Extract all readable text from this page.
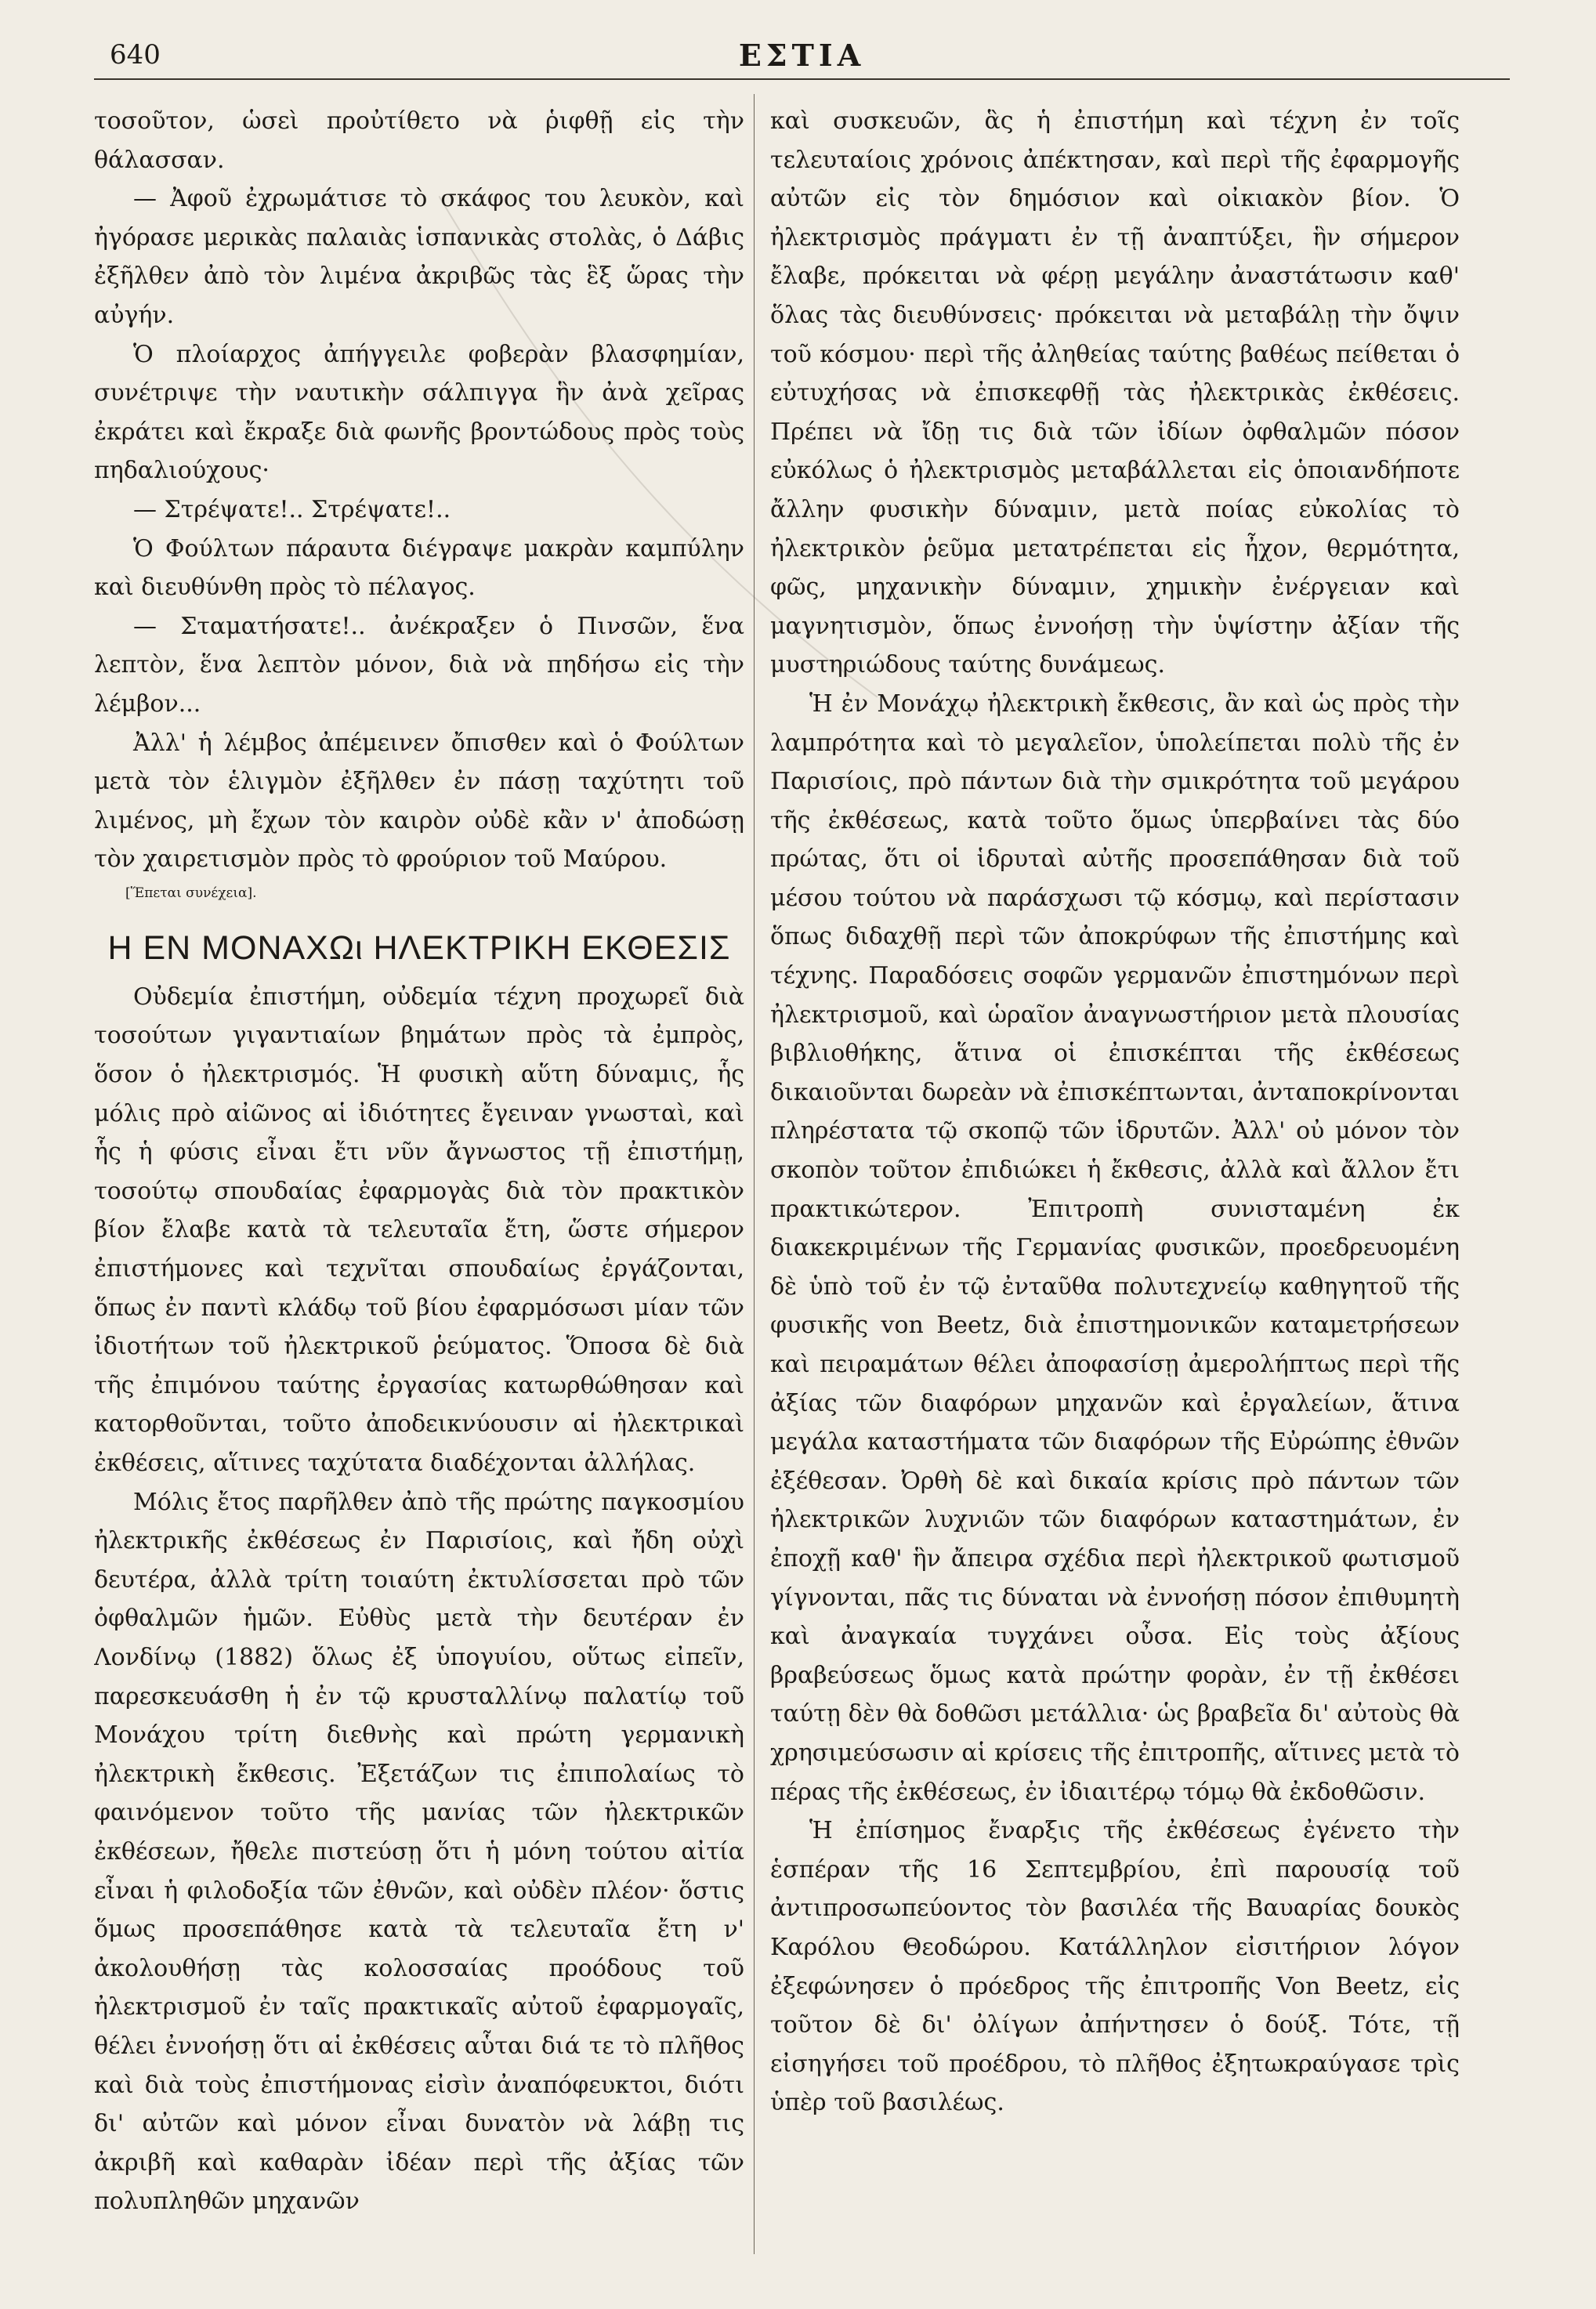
640	ΕΣΤΙΑ

τοσοῦτον, ὡσεὶ προὐτίθετο νὰ ῥιφθῇ εἰς τὴν θάλασσαν.

— Ἀφοῦ ἐχρωμάτισε τὸ σκάφος του λευκὸν, καὶ ἠγόρασε μερικὰς παλαιὰς ἱσπανικὰς στολὰς, ὁ Δάβις ἐξῆλθεν ἀπὸ τὸν λιμένα ἀκριβῶς τὰς ἓξ ὥρας τὴν αὐγήν.

Ὁ πλοίαρχος ἀπήγγειλε φοβερὰν βλασφημίαν, συνέτριψε τὴν ναυτικὴν σάλπιγγα ἣν ἀνὰ χεῖρας ἐκράτει καὶ ἔκραξε διὰ φωνῆς βροντώδους πρὸς τοὺς πηδαλιούχους·

— Στρέψατε!.. Στρέψατε!..

Ὁ Φούλτων πάραυτα διέγραψε μακρὰν καμπύλην καὶ διευθύνθη πρὸς τὸ πέλαγος.

— Σταματήσατε!.. ἀνέκραξεν ὁ Πινσῶν, ἕνα λεπτὸν, ἕνα λεπτὸν μόνον, διὰ νὰ πηδήσω εἰς τὴν λέμβον...

Ἀλλ' ἡ λέμβος ἀπέμεινεν ὄπισθεν καὶ ὁ Φούλτων μετὰ τὸν ἑλιγμὸν ἐξῆλθεν ἐν πάσῃ ταχύτητι τοῦ λιμένος, μὴ ἔχων τὸν καιρὸν οὐδὲ κἂν ν' ἀποδώσῃ τὸν χαιρετισμὸν πρὸς τὸ φρούριον τοῦ Μαύρου.

[Ἕπεται συνέχεια].

Η ΕΝ ΜΟΝΑΧΩι ΗΛΕΚΤΡΙΚΗ ΕΚΘΕΣΙΣ

Οὐδεμία ἐπιστήμη, οὐδεμία τέχνη προχωρεῖ διὰ τοσούτων γιγαντιαίων βημάτων πρὸς τὰ ἐμπρὸς, ὅσον ὁ ἠλεκτρισμός. Ἡ φυσικὴ αὕτη δύναμις, ἧς μόλις πρὸ αἰῶνος αἱ ἰδιότητες ἔγειναν γνωσταὶ, καὶ ἧς ἡ φύσις εἶναι ἔτι νῦν ἄγνωστος τῇ ἐπιστήμῃ, τοσούτῳ σπουδαίας ἐφαρμογὰς διὰ τὸν πρακτικὸν βίον ἔλαβε κατὰ τὰ τελευταῖα ἔτη, ὥστε σήμερον ἐπιστήμονες καὶ τεχνῖται σπουδαίως ἐργάζονται, ὅπως ἐν παντὶ κλάδῳ τοῦ βίου ἐφαρμόσωσι μίαν τῶν ἰδιοτήτων τοῦ ἠλεκτρικοῦ ῥεύματος. Ὅποσα δὲ διὰ τῆς ἐπιμόνου ταύτης ἐργασίας κατωρθώθησαν καὶ κατορθοῦνται, τοῦτο ἀποδεικνύουσιν αἱ ἠλεκτρικαὶ ἐκθέσεις, αἵτινες ταχύτατα διαδέχονται ἀλλήλας.

Μόλις ἔτος παρῆλθεν ἀπὸ τῆς πρώτης παγκοσμίου ἠλεκτρικῆς ἐκθέσεως ἐν Παρισίοις, καὶ ἤδη οὐχὶ δευτέρα, ἀλλὰ τρίτη τοιαύτη ἐκτυλίσσεται πρὸ τῶν ὀφθαλμῶν ἡμῶν. Εὐθὺς μετὰ τὴν δευτέραν ἐν Λονδίνῳ (1882) ὅλως ἐξ ὑπογυίου, οὕτως εἰπεῖν, παρεσκευάσθη ἡ ἐν τῷ κρυσταλλίνῳ παλατίῳ τοῦ Μονάχου τρίτη διεθνὴς καὶ πρώτη γερμανικὴ ἠλεκτρικὴ ἔκθεσις. Ἐξετάζων τις ἐπιπολαίως τὸ φαινόμενον τοῦτο τῆς μανίας τῶν ἠλεκτρικῶν ἐκθέσεων, ἤθελε πιστεύσῃ ὅτι ἡ μόνη τούτου αἰτία εἶναι ἡ φιλοδοξία τῶν ἐθνῶν, καὶ οὐδὲν πλέον· ὅστις ὅμως προσεπάθησε κατὰ τὰ τελευταῖα ἔτη ν' ἀκολουθήσῃ τὰς κολοσσαίας προόδους τοῦ ἠλεκτρισμοῦ ἐν ταῖς πρακτικαῖς αὐτοῦ ἐφαρμογαῖς, θέλει ἐννοήσῃ ὅτι αἱ ἐκθέσεις αὗται διά τε τὸ πλῆθος καὶ διὰ τοὺς ἐπιστήμονας εἰσὶν ἀναπόφευκτοι, διότι δι' αὐτῶν καὶ μόνον εἶναι δυνατὸν νὰ λάβῃ τις ἀκριβῆ καὶ καθαρὰν ἰδέαν περὶ τῆς ἀξίας τῶν πολυπληθῶν μηχανῶν

καὶ συσκευῶν, ἃς ἡ ἐπιστήμη καὶ τέχνη ἐν τοῖς τελευταίοις χρόνοις ἀπέκτησαν, καὶ περὶ τῆς ἐφαρμογῆς αὐτῶν εἰς τὸν δημόσιον καὶ οἰκιακὸν βίον. Ὁ ἠλεκτρισμὸς πράγματι ἐν τῇ ἀναπτύξει, ἣν σήμερον ἔλαβε, πρόκειται νὰ φέρῃ μεγάλην ἀναστάτωσιν καθ' ὅλας τὰς διευθύνσεις· πρόκειται νὰ μεταβάλῃ τὴν ὄψιν τοῦ κόσμου· περὶ τῆς ἀληθείας ταύτης βαθέως πείθεται ὁ εὐτυχήσας νὰ ἐπισκεφθῇ τὰς ἠλεκτρικὰς ἐκθέσεις. Πρέπει νὰ ἴδῃ τις διὰ τῶν ἰδίων ὀφθαλμῶν πόσον εὐκόλως ὁ ἠλεκτρισμὸς μεταβάλλεται εἰς ὁποιανδήποτε ἄλλην φυσικὴν δύναμιν, μετὰ ποίας εὐκολίας τὸ ἠλεκτρικὸν ῥεῦμα μετατρέπεται εἰς ἦχον, θερμότητα, φῶς, μηχανικὴν δύναμιν, χημικὴν ἐνέργειαν καὶ μαγνητισμὸν, ὅπως ἐννοήσῃ τὴν ὑψίστην ἀξίαν τῆς μυστηριώδους ταύτης δυνάμεως.

Ἡ ἐν Μονάχῳ ἠλεκτρικὴ ἔκθεσις, ἂν καὶ ὡς πρὸς τὴν λαμπρότητα καὶ τὸ μεγαλεῖον, ὑπολείπεται πολὺ τῆς ἐν Παρισίοις, πρὸ πάντων διὰ τὴν σμικρότητα τοῦ μεγάρου τῆς ἐκθέσεως, κατὰ τοῦτο ὅμως ὑπερβαίνει τὰς δύο πρώτας, ὅτι οἱ ἱδρυταὶ αὐτῆς προσεπάθησαν διὰ τοῦ μέσου τούτου νὰ παράσχωσι τῷ κόσμῳ, καὶ περίστασιν ὅπως διδαχθῇ περὶ τῶν ἀποκρύφων τῆς ἐπιστήμης καὶ τέχνης. Παραδόσεις σοφῶν γερμανῶν ἐπιστημόνων περὶ ἠλεκτρισμοῦ, καὶ ὡραῖον ἀναγνωστήριον μετὰ πλουσίας βιβλιοθήκης, ἅτινα οἱ ἐπισκέπται τῆς ἐκθέσεως δικαιοῦνται δωρεὰν νὰ ἐπισκέπτωνται, ἀνταποκρίνονται πληρέστατα τῷ σκοπῷ τῶν ἱδρυτῶν. Ἀλλ' οὐ μόνον τὸν σκοπὸν τοῦτον ἐπιδιώκει ἡ ἔκθεσις, ἀλλὰ καὶ ἄλλον ἔτι πρακτικώτερον. Ἐπιτροπὴ συνισταμένη ἐκ διακεκριμένων τῆς Γερμανίας φυσικῶν, προεδρευομένη δὲ ὑπὸ τοῦ ἐν τῷ ἐνταῦθα πολυτεχνείῳ καθηγητοῦ τῆς φυσικῆς von Beetz, διὰ ἐπιστημονικῶν καταμετρήσεων καὶ πειραμάτων θέλει ἀποφασίσῃ ἀμερολήπτως περὶ τῆς ἀξίας τῶν διαφόρων μηχανῶν καὶ ἐργαλείων, ἅτινα μεγάλα καταστήματα τῶν διαφόρων τῆς Εὐρώπης ἐθνῶν ἐξέθεσαν. Ὀρθὴ δὲ καὶ δικαία κρίσις πρὸ πάντων τῶν ἠλεκτρικῶν λυχνιῶν τῶν διαφόρων καταστημάτων, ἐν ἐποχῇ καθ' ἣν ἄπειρα σχέδια περὶ ἠλεκτρικοῦ φωτισμοῦ γίγνονται, πᾶς τις δύναται νὰ ἐννοήσῃ πόσον ἐπιθυμητὴ καὶ ἀναγκαία τυγχάνει οὖσα. Εἰς τοὺς ἀξίους βραβεύσεως ὅμως κατὰ πρώτην φορὰν, ἐν τῇ ἐκθέσει ταύτῃ δὲν θὰ δοθῶσι μετάλλια· ὡς βραβεῖα δι' αὐτοὺς θὰ χρησιμεύσωσιν αἱ κρίσεις τῆς ἐπιτροπῆς, αἵτινες μετὰ τὸ πέρας τῆς ἐκθέσεως, ἐν ἰδιαιτέρῳ τόμῳ θὰ ἐκδοθῶσιν.

Ἡ ἐπίσημος ἔναρξις τῆς ἐκθέσεως ἐγένετο τὴν ἑσπέραν τῆς 16 Σεπτεμβρίου, ἐπὶ παρουσίᾳ τοῦ ἀντιπροσωπεύοντος τὸν βασιλέα τῆς Βαυαρίας δουκὸς Καρόλου Θεοδώρου. Κατάλληλον εἰσιτήριον λόγον ἐξεφώνησεν ὁ πρόεδρος τῆς ἐπιτροπῆς Von Beetz, εἰς τοῦτον δὲ δι' ὀλίγων ἀπήντησεν ὁ δούξ. Τότε, τῇ εἰσηγήσει τοῦ προέδρου, τὸ πλῆθος ἐξητωκραύγασε τρὶς ὑπὲρ τοῦ βασιλέως.
